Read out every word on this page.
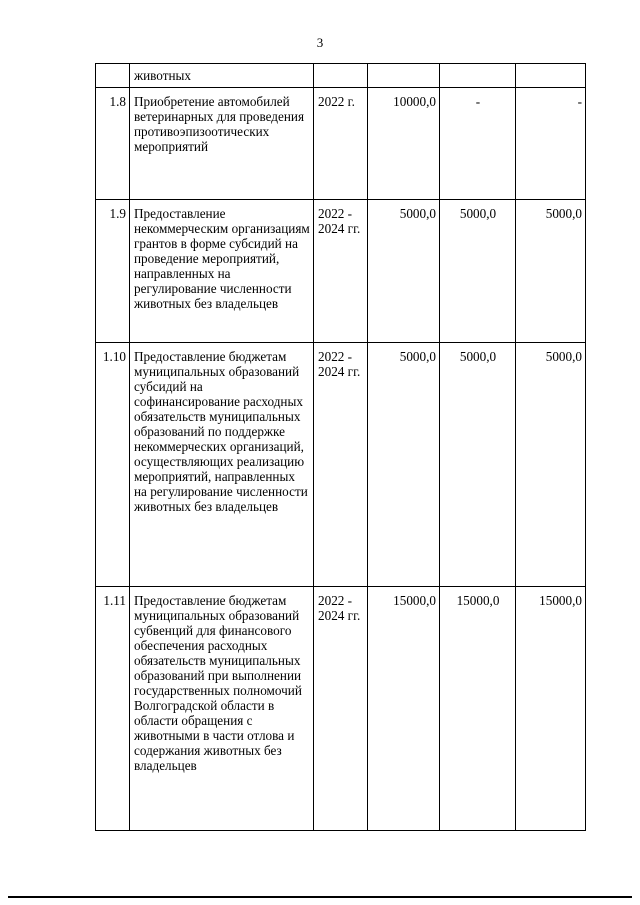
3
	животных				
1.8	Приобретение автомобилей ветеринарных для проведения противоэпизоотических мероприятий	2022 г.	10000,0	-	-
1.9	Предоставление некоммерческим организациям грантов в форме субсидий на проведение мероприятий, направленных на регулирование численности животных без владельцев	2022 - 2024 гг.	5000,0	5000,0	5000,0
1.10	Предоставление бюджетам муниципальных образований субсидий на софинансирование расходных обязательств муниципальных образований по поддержке некоммерческих организаций, осуществляющих реализацию мероприятий, направленных на регулирование численности животных без владельцев	2022 - 2024 гг.	5000,0	5000,0	5000,0
1.11	Предоставление бюджетам муниципальных образований субвенций для финансового обеспечения расходных обязательств муниципальных образований при выполнении государственных полномочий Волгоградской области в области обращения с животными в части отлова и содержания животных без владельцев	2022 - 2024 гг.	15000,0	15000,0	15000,0
